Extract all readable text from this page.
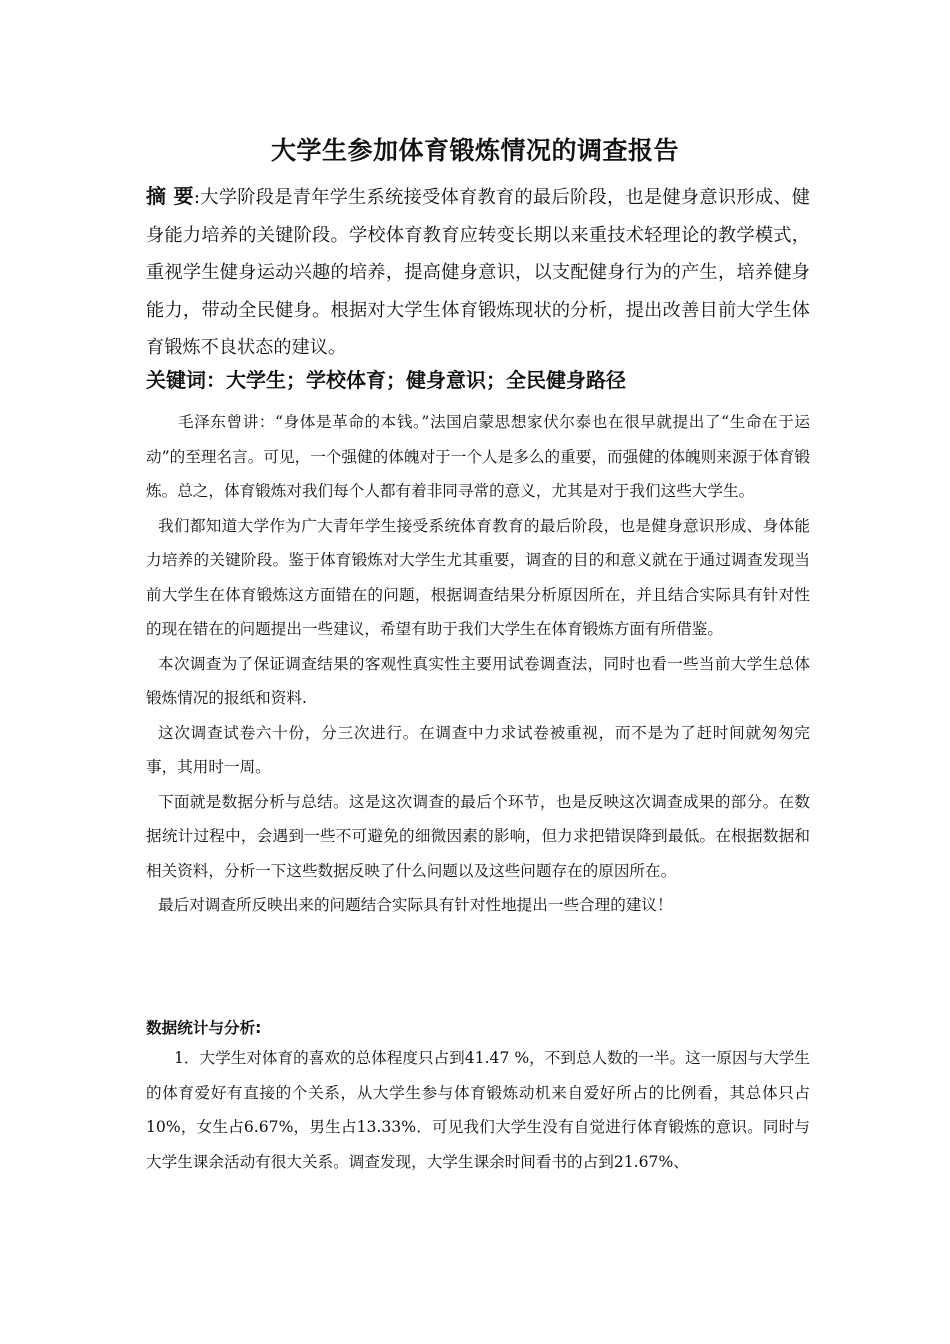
大学生参加体育锻炼情况的调查报告
摘 要:大学阶段是青年学生系统接受体育教育的最后阶段，也是健身意识形成、健身能力培养的关键阶段。学校体育教育应转变长期以来重技术轻理论的教学模式，重视学生健身运动兴趣的培养，提高健身意识，以支配健身行为的产生，培养健身能力，带动全民健身。根据对大学生体育锻炼现状的分析，提出改善目前大学生体育锻炼不良状态的建议。
关键词：大学生；学校体育；健身意识；全民健身路径

毛泽东曾讲：“身体是革命的本钱。”法国启蒙思想家伏尔泰也在很早就提出了“生命在于运动”的至理名言。可见，一个强健的体魄对于一个人是多么的重要，而强健的体魄则来源于体育锻炼。总之，体育锻炼对我们每个人都有着非同寻常的意义，尤其是对于我们这些大学生。

我们都知道大学作为广大青年学生接受系统体育教育的最后阶段，也是健身意识形成、身体能力培养的关键阶段。鉴于体育锻炼对大学生尤其重要，调查的目的和意义就在于通过调查发现当前大学生在体育锻炼这方面错在的问题，根据调查结果分析原因所在，并且结合实际具有针对性的现在错在的问题提出一些建议，希望有助于我们大学生在体育锻炼方面有所借鉴。

本次调查为了保证调查结果的客观性真实性主要用试卷调查法，同时也看一些当前大学生总体锻炼情况的报纸和资料.

这次调查试卷六十份，分三次进行。在调查中力求试卷被重视，而不是为了赶时间就匆匆完事，其用时一周。

下面就是数据分析与总结。这是这次调查的最后个环节，也是反映这次调查成果的部分。在数据统计过程中，会遇到一些不可避免的细微因素的影响，但力求把错误降到最低。在根据数据和相关资料，分析一下这些数据反映了什么问题以及这些问题存在的原因所在。

最后对调查所反映出来的问题结合实际具有针对性地提出一些合理的建议！

数据统计与分析:

1．大学生对体育的喜欢的总体程度只占到41.47 %，不到总人数的一半。这一原因与大学生的体育爱好有直接的个关系，从大学生参与体育锻炼动机来自爱好所占的比例看，其总体只占10%，女生占6.67%，男生占13.33%．可见我们大学生没有自觉进行体育锻炼的意识。同时与大学生课余活动有很大关系。调查发现，大学生课余时间看书的占到21.67%、
